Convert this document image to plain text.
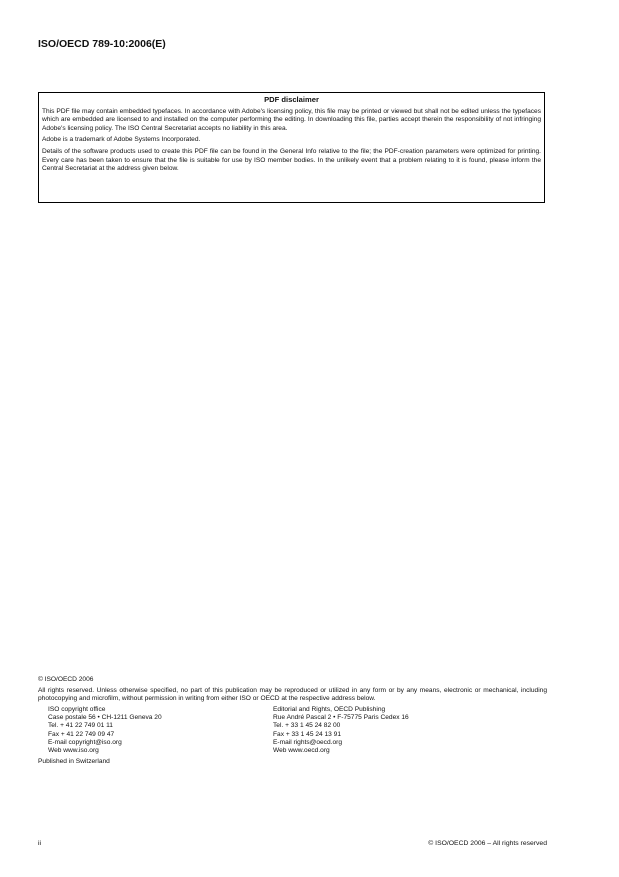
ISO/OECD 789-10:2006(E)
PDF disclaimer

This PDF file may contain embedded typefaces. In accordance with Adobe's licensing policy, this file may be printed or viewed but shall not be edited unless the typefaces which are embedded are licensed to and installed on the computer performing the editing. In downloading this file, parties accept therein the responsibility of not infringing Adobe's licensing policy. The ISO Central Secretariat accepts no liability in this area.

Adobe is a trademark of Adobe Systems Incorporated.

Details of the software products used to create this PDF file can be found in the General Info relative to the file; the PDF-creation parameters were optimized for printing. Every care has been taken to ensure that the file is suitable for use by ISO member bodies. In the unlikely event that a problem relating to it is found, please inform the Central Secretariat at the address given below.

© ISO/OECD 2006

All rights reserved. Unless otherwise specified, no part of this publication may be reproduced or utilized in any form or by any means, electronic or mechanical, including photocopying and microfilm, without permission in writing from either ISO or OECD at the respective address below.

ISO copyright office
Case postale 56 • CH-1211 Geneva 20
Tel. + 41 22 749 01 11
Fax + 41 22 749 09 47
E-mail copyright@iso.org
Web www.iso.org
Editorial and Rights, OECD Publishing
Rue André Pascal 2 • F-75775 Paris Cedex 16
Tel. + 33 1 45 24 82 00
Fax + 33 1 45 24 13 91
E-mail rights@oecd.org
Web www.oecd.org

Published in Switzerland

ii	© ISO/OECD 2006 – All rights reserved
